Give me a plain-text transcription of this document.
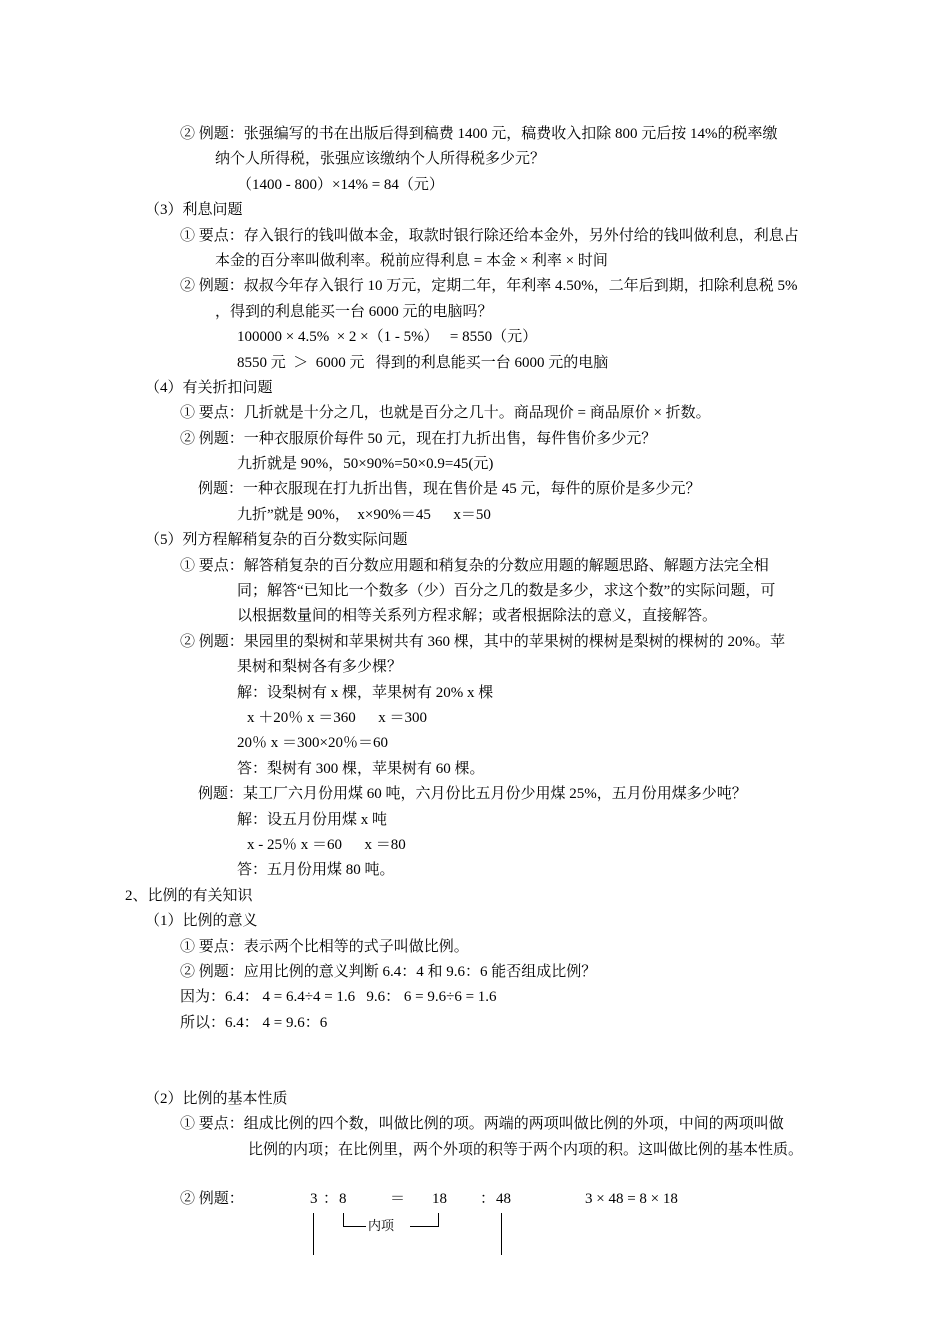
② 例题：张强编写的书在出版后得到稿费 1400 元，稿费收入扣除 800 元后按 14%的税率缴
纳个人所得税，张强应该缴纳个人所得税多少元？
（1400 - 800）×14% = 84（元）
（3）利息问题
① 要点：存入银行的钱叫做本金，取款时银行除还给本金外，另外付给的钱叫做利息，利息占
本金的百分率叫做利率。税前应得利息 = 本金 × 利率 × 时间
② 例题：叔叔今年存入银行 10 万元，定期二年，年利率 4.50%，二年后到期，扣除利息税 5%
，得到的利息能买一台 6000 元的电脑吗？
100000 × 4.5%  × 2 ×（1 - 5%）   = 8550（元）
8550 元  ＞  6000 元   得到的利息能买一台 6000 元的电脑
（4）有关折扣问题
① 要点：几折就是十分之几，也就是百分之几十。商品现价 = 商品原价 × 折数。
② 例题：一种衣服原价每件 50 元，现在打九折出售，每件售价多少元？
九折就是 90%，50×90%=50×0.9=45(元)
例题：一种衣服现在打九折出售，现在售价是 45 元，每件的原价是多少元？
九折”就是 90%，  x×90%＝45      x＝50
（5）列方程解稍复杂的百分数实际问题
① 要点：解答稍复杂的百分数应用题和稍复杂的分数应用题的解题思路、解题方法完全相
同；解答“已知比一个数多（少）百分之几的数是多少，求这个数”的实际问题，可
以根据数量间的相等关系列方程求解；或者根据除法的意义，直接解答。
② 例题：果园里的梨树和苹果树共有 360 棵，其中的苹果树的棵树是梨树的棵树的 20%。苹
果树和梨树各有多少棵？
解：设梨树有 x 棵，苹果树有 20% x 棵
x ＋20％ x ＝360      x ＝300
20％ x ＝300×20％＝60
答：梨树有 300 棵，苹果树有 60 棵。
例题：某工厂六月份用煤 60 吨，六月份比五月份少用煤 25%，五月份用煤多少吨？
解：设五月份用煤 x 吨
x - 25％ x ＝60      x ＝80
答：五月份用煤 80 吨。
2、比例的有关知识
（1）比例的意义
① 要点：表示两个比相等的式子叫做比例。
② 例题：应用比例的意义判断 6.4：4 和 9.6：6 能否组成比例？
因为：6.4： 4 = 6.4÷4 = 1.6   9.6： 6 = 9.6÷6 = 1.6
所以：6.4： 4 = 9.6：6
（2）比例的基本性质
① 要点：组成比例的四个数，叫做比例的项。两端的两项叫做比例的外项，中间的两项叫做
比例的内项；在比例里，两个外项的积等于两个内项的积。这叫做比例的基本性质。
② 例题：	3 ： 8	＝ 18 ： 48	3 × 48 = 8 × 18
内项
